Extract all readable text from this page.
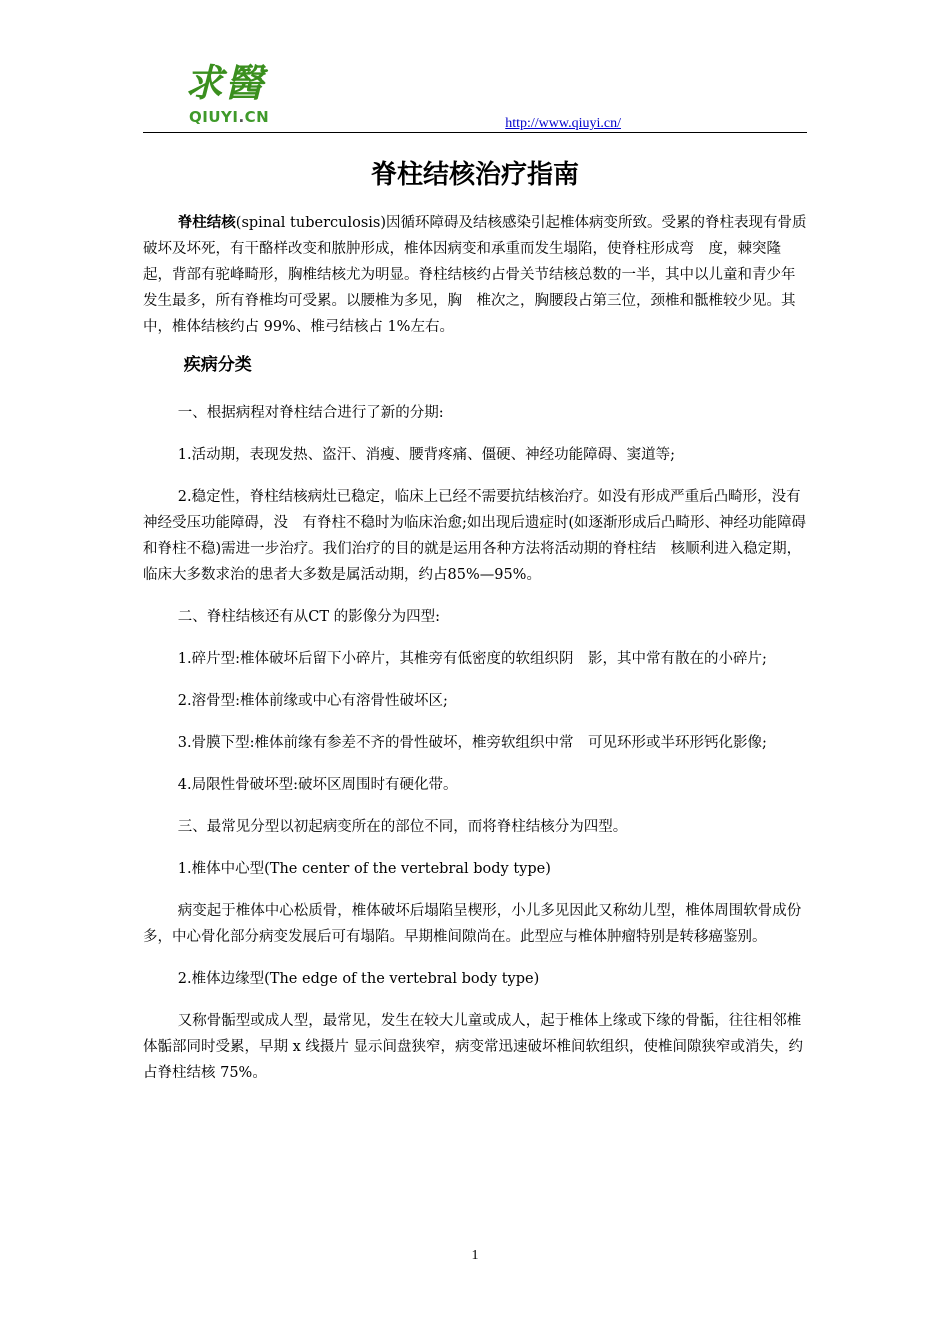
求醫
QIUYI.CN	http://www.qiuyi.cn/
脊柱结核治疗指南

脊柱结核(spinal tuberculosis)因循环障碍及结核感染引起椎体病变所致。受累的脊柱表现有骨质破坏及坏死，有干酪样改变和脓肿形成，椎体因病变和承重而发生塌陷，使脊柱形成弯　度，棘突隆起，背部有驼峰畸形，胸椎结核尤为明显。脊柱结核约占骨关节结核总数的一半，其中以儿童和青少年发生最多，所有脊椎均可受累。以腰椎为多见，胸　椎次之，胸腰段占第三位，颈椎和骶椎较少见。其中，椎体结核约占 99%、椎弓结核占 1%左右。

疾病分类

一、根据病程对脊柱结合进行了新的分期:

1.活动期，表现发热、盗汗、消瘦、腰背疼痛、僵硬、神经功能障碍、窦道等;

2.稳定性，脊柱结核病灶已稳定，临床上已经不需要抗结核治疗。如没有形成严重后凸畸形，没有神经受压功能障碍，没　有脊柱不稳时为临床治愈;如出现后遗症时(如逐渐形成后凸畸形、神经功能障碍和脊柱不稳)需进一步治疗。我们治疗的目的就是运用各种方法将活动期的脊柱结　核顺利进入稳定期，临床大多数求治的患者大多数是属活动期，约占85%—95%。

二、脊柱结核还有从CT 的影像分为四型:

1.碎片型:椎体破坏后留下小碎片，其椎旁有低密度的软组织阴　影，其中常有散在的小碎片;

2.溶骨型:椎体前缘或中心有溶骨性破坏区;

3.骨膜下型:椎体前缘有参差不齐的骨性破坏，椎旁软组织中常　可见环形或半环形钙化影像;

4.局限性骨破坏型:破坏区周围时有硬化带。

三、最常见分型以初起病变所在的部位不同，而将脊柱结核分为四型。

1.椎体中心型(The center of the vertebral body type)

病变起于椎体中心松质骨，椎体破坏后塌陷呈楔形，小儿多见因此又称幼儿型，椎体周围软骨成份多，中心骨化部分病变发展后可有塌陷。早期椎间隙尚在。此型应与椎体肿瘤特别是转移癌鉴别。

2.椎体边缘型(The edge of the vertebral body type)

又称骨骺型或成人型，最常见，发生在较大儿童或成人，起于椎体上缘或下缘的骨骺，往往相邻椎体骺部同时受累，早期 x 线摄片 显示间盘狭窄，病变常迅速破坏椎间软组织，使椎间隙狭窄或消失，约占脊柱结核 75%。

1
